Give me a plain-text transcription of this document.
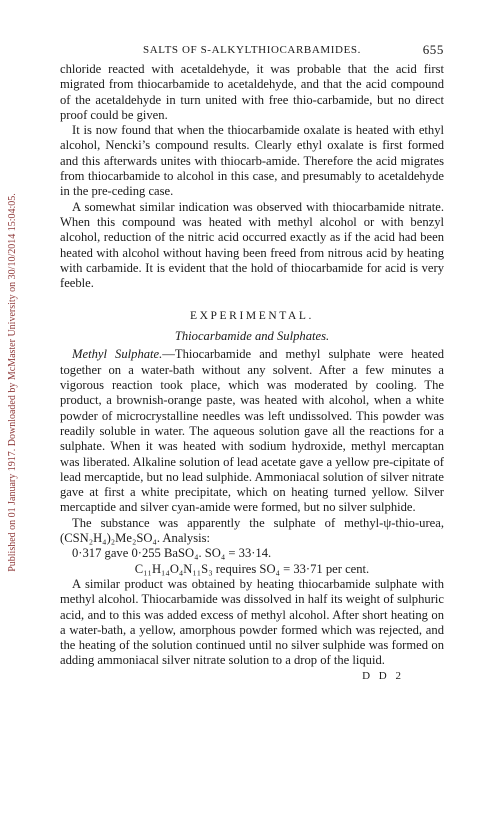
Published on 01 January 1917. Downloaded by McMaster University on 30/10/2014 15:04:05.
SALTS OF S-ALKYLTHIOCARBAMIDES.	655

chloride reacted with acetaldehyde, it was probable that the acid first migrated from thiocarbamide to acetaldehyde, and that the acid compound of the acetaldehyde in turn united with free thio-carbamide, but no direct proof could be given.

It is now found that when the thiocarbamide oxalate is heated with ethyl alcohol, Nencki’s compound results. Clearly ethyl oxalate is first formed and this afterwards unites with thiocarb-amide. Therefore the acid migrates from thiocarbamide to alcohol in this case, and presumably to acetaldehyde in the pre-ceding case.

A somewhat similar indication was observed with thiocarbamide nitrate. When this compound was heated with methyl alcohol or with benzyl alcohol, reduction of the nitric acid occurred exactly as if the acid had been heated with alcohol without having been freed from nitrous acid by heating with carbamide. It is evident that the hold of thiocarbamide for acid is very feeble.

EXPERIMENTAL.
Thiocarbamide and Sulphates.

Methyl Sulphate.—Thiocarbamide and methyl sulphate were heated together on a water-bath without any solvent. After a few minutes a vigorous reaction took place, which was moderated by cooling. The product, a brownish-orange paste, was heated with alcohol, when a white powder of microcrystalline needles was left undissolved. This powder was readily soluble in water. The aqueous solution gave all the reactions for a sulphate. When it was heated with sodium hydroxide, methyl mercaptan was liberated. Alkaline solution of lead acetate gave a yellow pre-cipitate of lead mercaptide, but no lead sulphide. Ammoniacal solution of silver nitrate gave at first a white precipitate, which on heating turned yellow. Silver mercaptide and silver cyan-amide were formed, but no silver sulphide.

The substance was apparently the sulphate of methyl-ψ-thio-urea, (CSN₂H₄)₂Me₂SO₄. Analysis:

0·317 gave 0·255 BaSO₄. SO₄ = 33·14.

C₁₁H₁₄O₄N₁₁S₃ requires SO₄ = 33·71 per cent.

A similar product was obtained by heating thiocarbamide sulphate with methyl alcohol. Thiocarbamide was dissolved in half its weight of sulphuric acid, and to this was added excess of methyl alcohol. After short heating on a water-bath, a yellow, amorphous powder formed which was rejected, and the heating of the solution continued until no silver sulphide was formed on adding ammoniacal silver nitrate solution to a drop of the liquid.

D D 2
